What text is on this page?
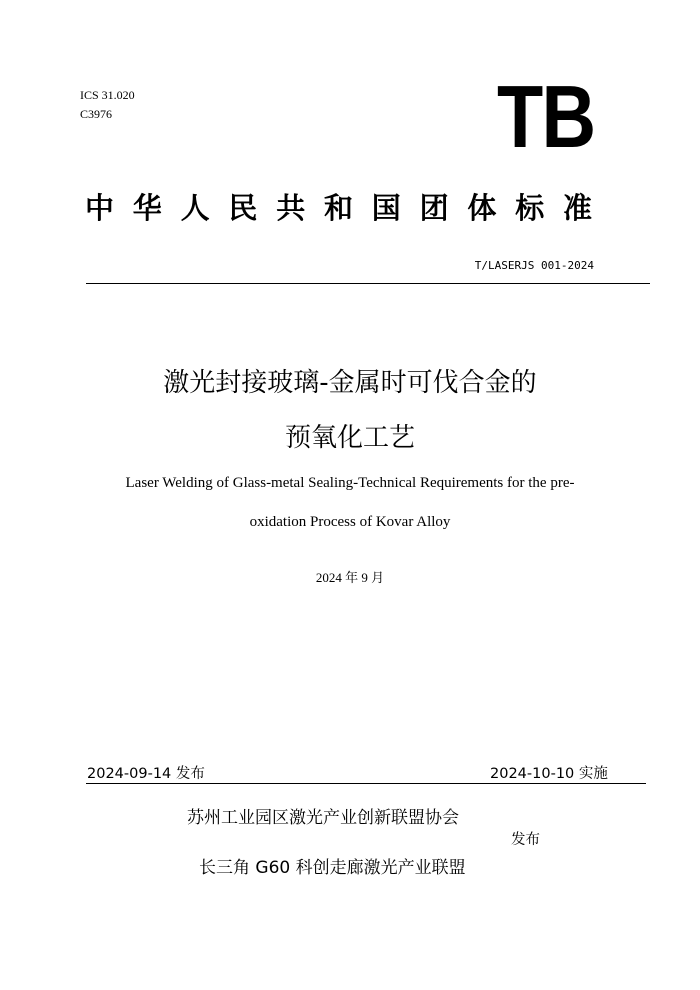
ICS 31.020
C3976	TB
中华人民共和国团体标准
T/LASERJS 001-2024
激光封接玻璃-金属时可伐合金的
预氧化工艺
Laser Welding of Glass-metal Sealing-Technical Requirements for the pre-
oxidation Process of Kovar Alloy
2024 年 9 月
2024-09-14 发布	2024-10-10 实施
苏州工业园区激光产业创新联盟协会
发布
长三角 G60 科创走廊激光产业联盟
